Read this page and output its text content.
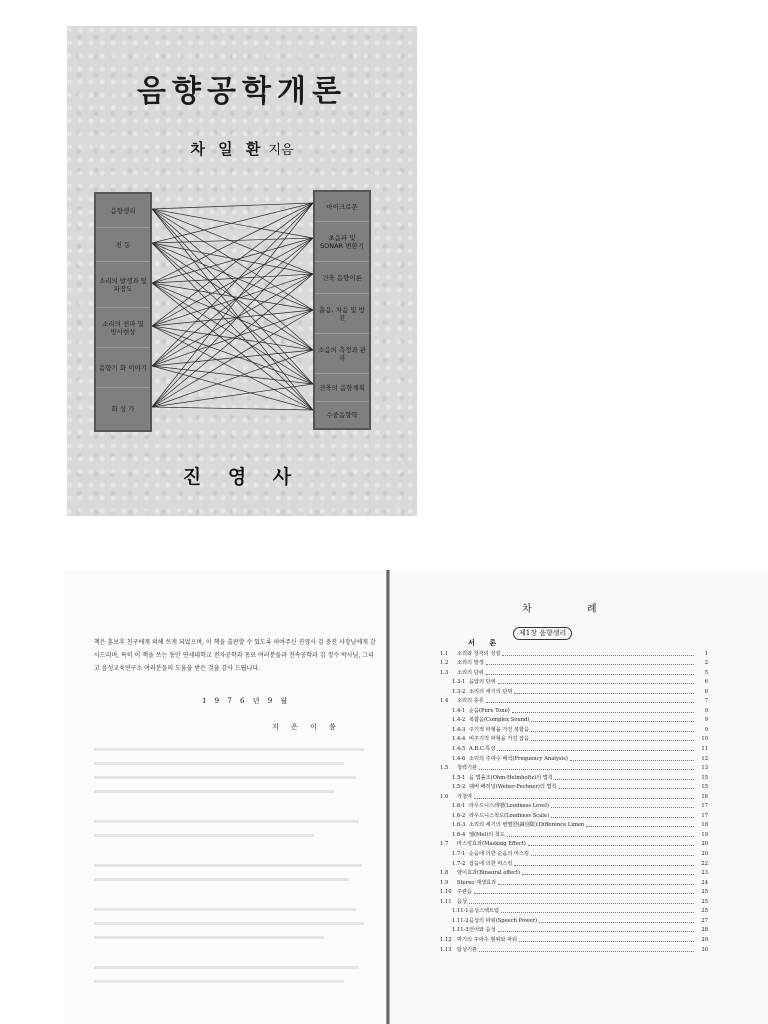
음향공학개론
차 일 환 지음
음향생리
진 동
소리의 발생과 및 파장도
소리의 전파 및 방사현상
음향기 화 이야기
화 성 가
마이크로폰
초음파 및 SONAR 변환기
건축 음향이론
흡음, 차음 및 방진
소음의 측정과 관리
건축의 음향계획
수중음향학
진 영 사
책은 훈보후 친구에게 의해 쓰게 되었으며, 이 책을 출판할 수 있도록 허여주신 진영사 김 중진 사장님에게 감사드리며, 특히 이 책을 쓰는 동안 연세대학교 전자공학과 동료 여러분들과 전속공학과 김 정수 박사님, 그리고 음성교육연구소 여러분들의 도움을 받은 것을 감사 드립니다.
1 9 7 6 년 9 월
지 은 이 씀
차 례
제1장 음향생리
서 론
1.1	소리와 청각의 성질	1
1.2	소리의 발생	2
1.3	소리의 단위	5
1.3-1 음압의 단위	6
1.3-2 소리의 세기의 단위	6
1.4	소리의 종류	7
1.4-1 순음(Pure Tone)	9
1.4-2 복합음(Complex Sound)	9
1.4-3 주기적 파형을 가진 복합음	9
1.4-4 비주기적 파형을 가진 잡음	10
1.4-5 A.B.C.특성	11
1.4-6 소리의 주파수 해석(Frequency Analysis)	12
1.5	청력기관	13
1.5-1 음 법률조(Ohm-Helmholtz)의 법칙	15
1.5-2 웨버 페히널(Weber-Fechner)의 법칙	15
1.6	가청역	16
1.6-1 라우드니스레벨(Loudness Level)	17
1.6-2 라우드니스척도(Loudness Scale)	17
1.6-3 소리의 세기의 변별한(識別限);Difference Limen	18
1.6-4 멜(Mel)의 척도	19
1.7	마스킹효과(Masking Effect)	20
1.7-1 순음에 의한 순음의 마스킹	20
1.7-2 잡음에 의한 마스킹	22
1.8	양이효과(Binaural effect)	23
1.9	Stereo 재생효과	24
1.10	주관음	25
1.11	음성	25
1.11-1 음성스펙트럼	25
1.11-2 음성의 파워(Speech Power)	27
1.11-3 언어와 음성	28
1.12	악기의 주파수 범위와 파워	29
1.13	탐성기관	30
